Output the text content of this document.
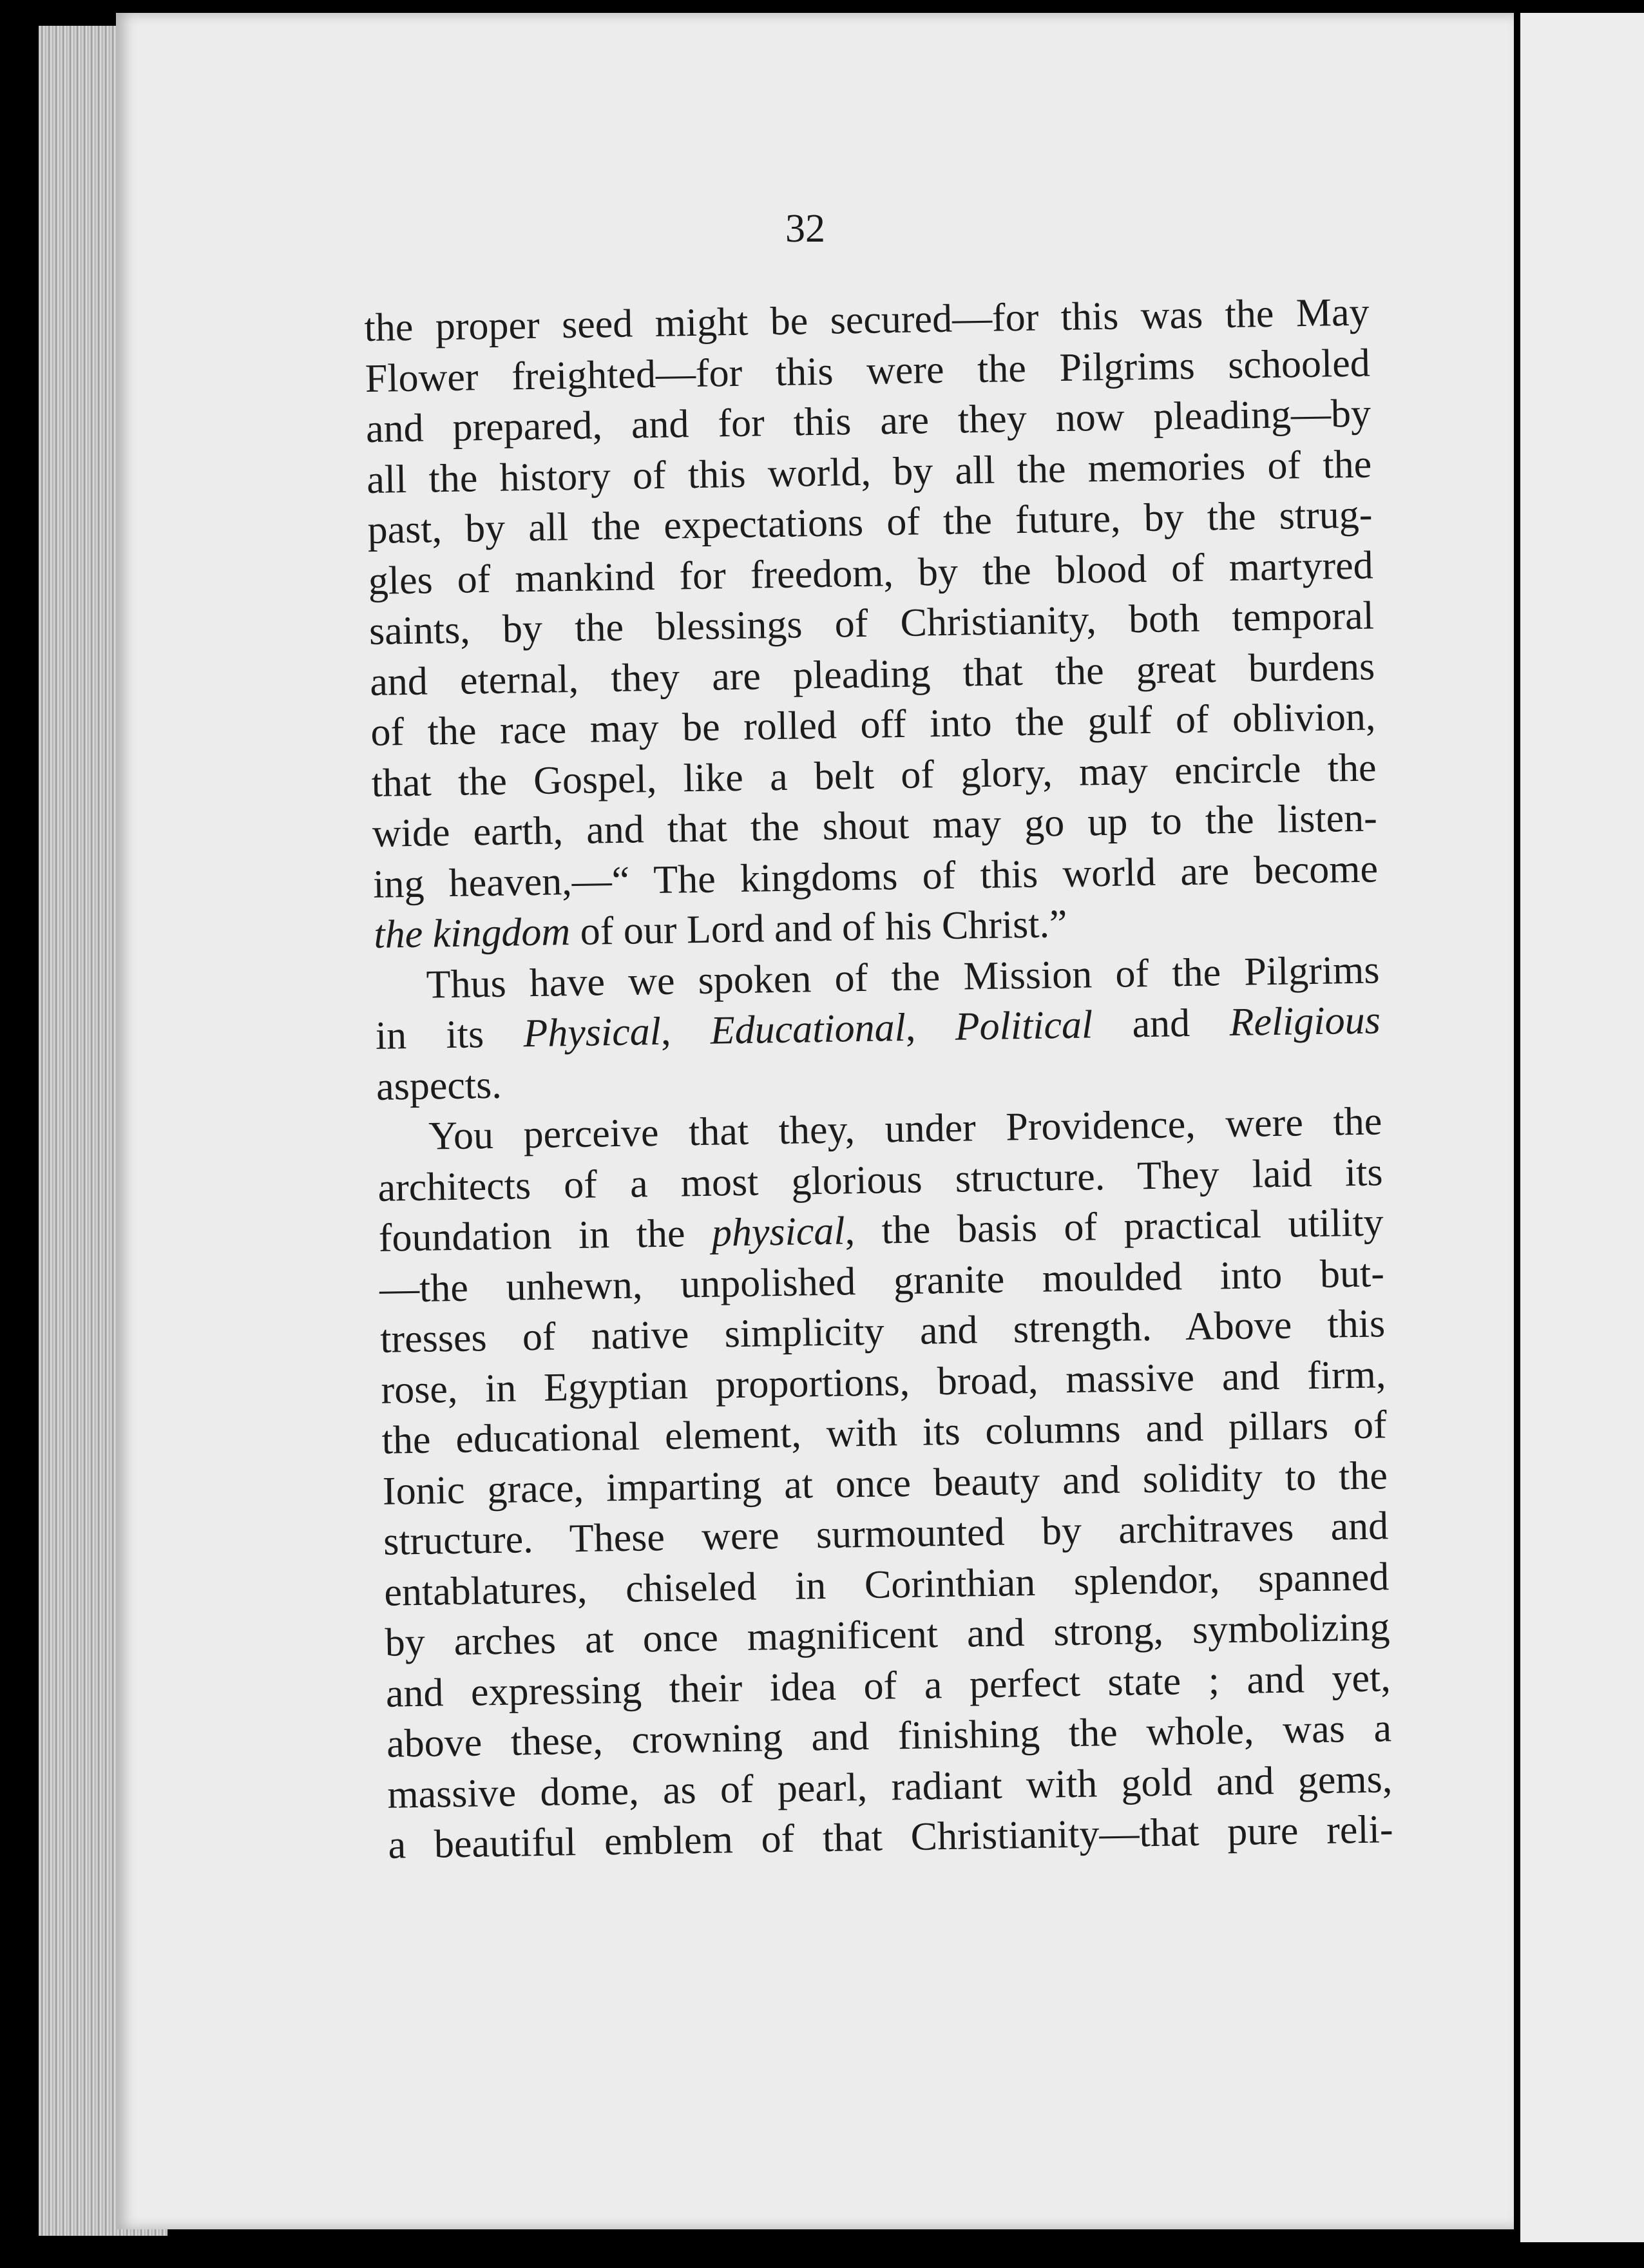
32

the proper seed might be secured—for this was the May
Flower freighted—for this were the Pilgrims schooled
and prepared, and for this are they now pleading—by
all the history of this world, by all the memories of the
past, by all the expectations of the future, by the strug-
gles of mankind for freedom, by the blood of martyred
saints, by the blessings of Christianity, both temporal
and eternal, they are pleading that the great burdens
of the race may be rolled off into the gulf of oblivion,
that the Gospel, like a belt of glory, may encircle the
wide earth, and that the shout may go up to the listen-
ing heaven,—“ The kingdoms of this world are become
the kingdom of our Lord and of his Christ.”

Thus have we spoken of the Mission of the Pilgrims
in its Physical, Educational, Political and Religious
aspects.

You perceive that they, under Providence, were the
architects of a most glorious structure. They laid its
foundation in the physical, the basis of practical utility
—the unhewn, unpolished granite moulded into but-
tresses of native simplicity and strength. Above this
rose, in Egyptian proportions, broad, massive and firm,
the educational element, with its columns and pillars of
Ionic grace, imparting at once beauty and solidity to the
structure. These were surmounted by architraves and
entablatures, chiseled in Corinthian splendor, spanned
by arches at once magnificent and strong, symbolizing
and expressing their idea of a perfect state ; and yet,
above these, crowning and finishing the whole, was a
massive dome, as of pearl, radiant with gold and gems,
a beautiful emblem of that Christianity—that pure reli-
